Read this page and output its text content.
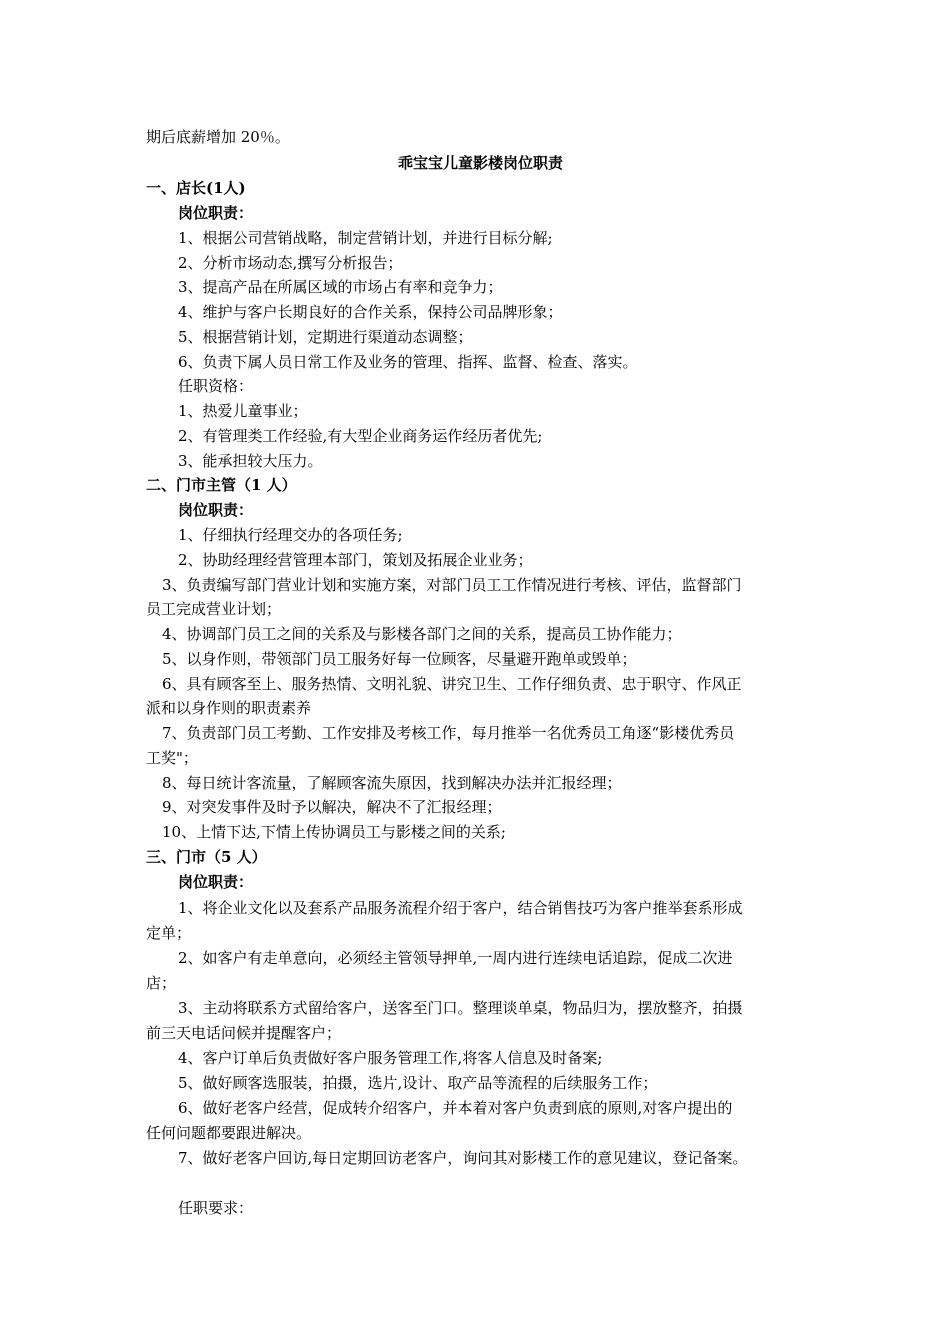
期后底薪增加 20％。
乖宝宝儿童影楼岗位职责
一、店长(1人)
岗位职责：
1、根据公司营销战略，制定营销计划，并进行目标分解;
2、分析市场动态,撰写分析报告；
3、提高产品在所属区域的市场占有率和竞争力；
4、维护与客户长期良好的合作关系，保持公司品牌形象；
5、根据营销计划，定期进行渠道动态调整；
6、负责下属人员日常工作及业务的管理、指挥、监督、检查、落实。
任职资格：
1、热爱儿童事业；
2、有管理类工作经验,有大型企业商务运作经历者优先;
3、能承担较大压力。
二、门市主管（1 人）
岗位职责：
1、仔细执行经理交办的各项任务;
2、协助经理经营管理本部门，策划及拓展企业业务；
3、负责编写部门营业计划和实施方案，对部门员工工作情况进行考核、评估，监督部门
员工完成营业计划；
4、协调部门员工之间的关系及与影楼各部门之间的关系，提高员工协作能力；
5、以身作则，带领部门员工服务好每一位顾客，尽量避开跑单或毁单；
6、具有顾客至上、服务热情、文明礼貌、讲究卫生、工作仔细负责、忠于职守、作风正
派和以身作则的职责素养
7、负责部门员工考勤、工作安排及考核工作，每月推举一名优秀员工角逐“影楼优秀员
工奖"；
8、每日统计客流量，了解顾客流失原因，找到解决办法并汇报经理；
9、对突发事件及时予以解决，解决不了汇报经理；
10、上情下达,下情上传协调员工与影楼之间的关系;
三、门市（5 人）
岗位职责：
1、将企业文化以及套系产品服务流程介绍于客户，结合销售技巧为客户推举套系形成
定单；
2、如客户有走单意向，必须经主管领导押单,一周内进行连续电话追踪，促成二次进
店；
3、主动将联系方式留给客户，送客至门口。整理谈单桌，物品归为，摆放整齐，拍摄
前三天电话问候并提醒客户；
4、客户订单后负责做好客户服务管理工作,将客人信息及时备案;
5、做好顾客选服装，拍摄，选片,设计、取产品等流程的后续服务工作；
6、做好老客户经营，促成转介绍客户，并本着对客户负责到底的原则,对客户提出的
任何问题都要跟进解决。
7、做好老客户回访,每日定期回访老客户，询问其对影楼工作的意见建议，登记备案。
任职要求：
